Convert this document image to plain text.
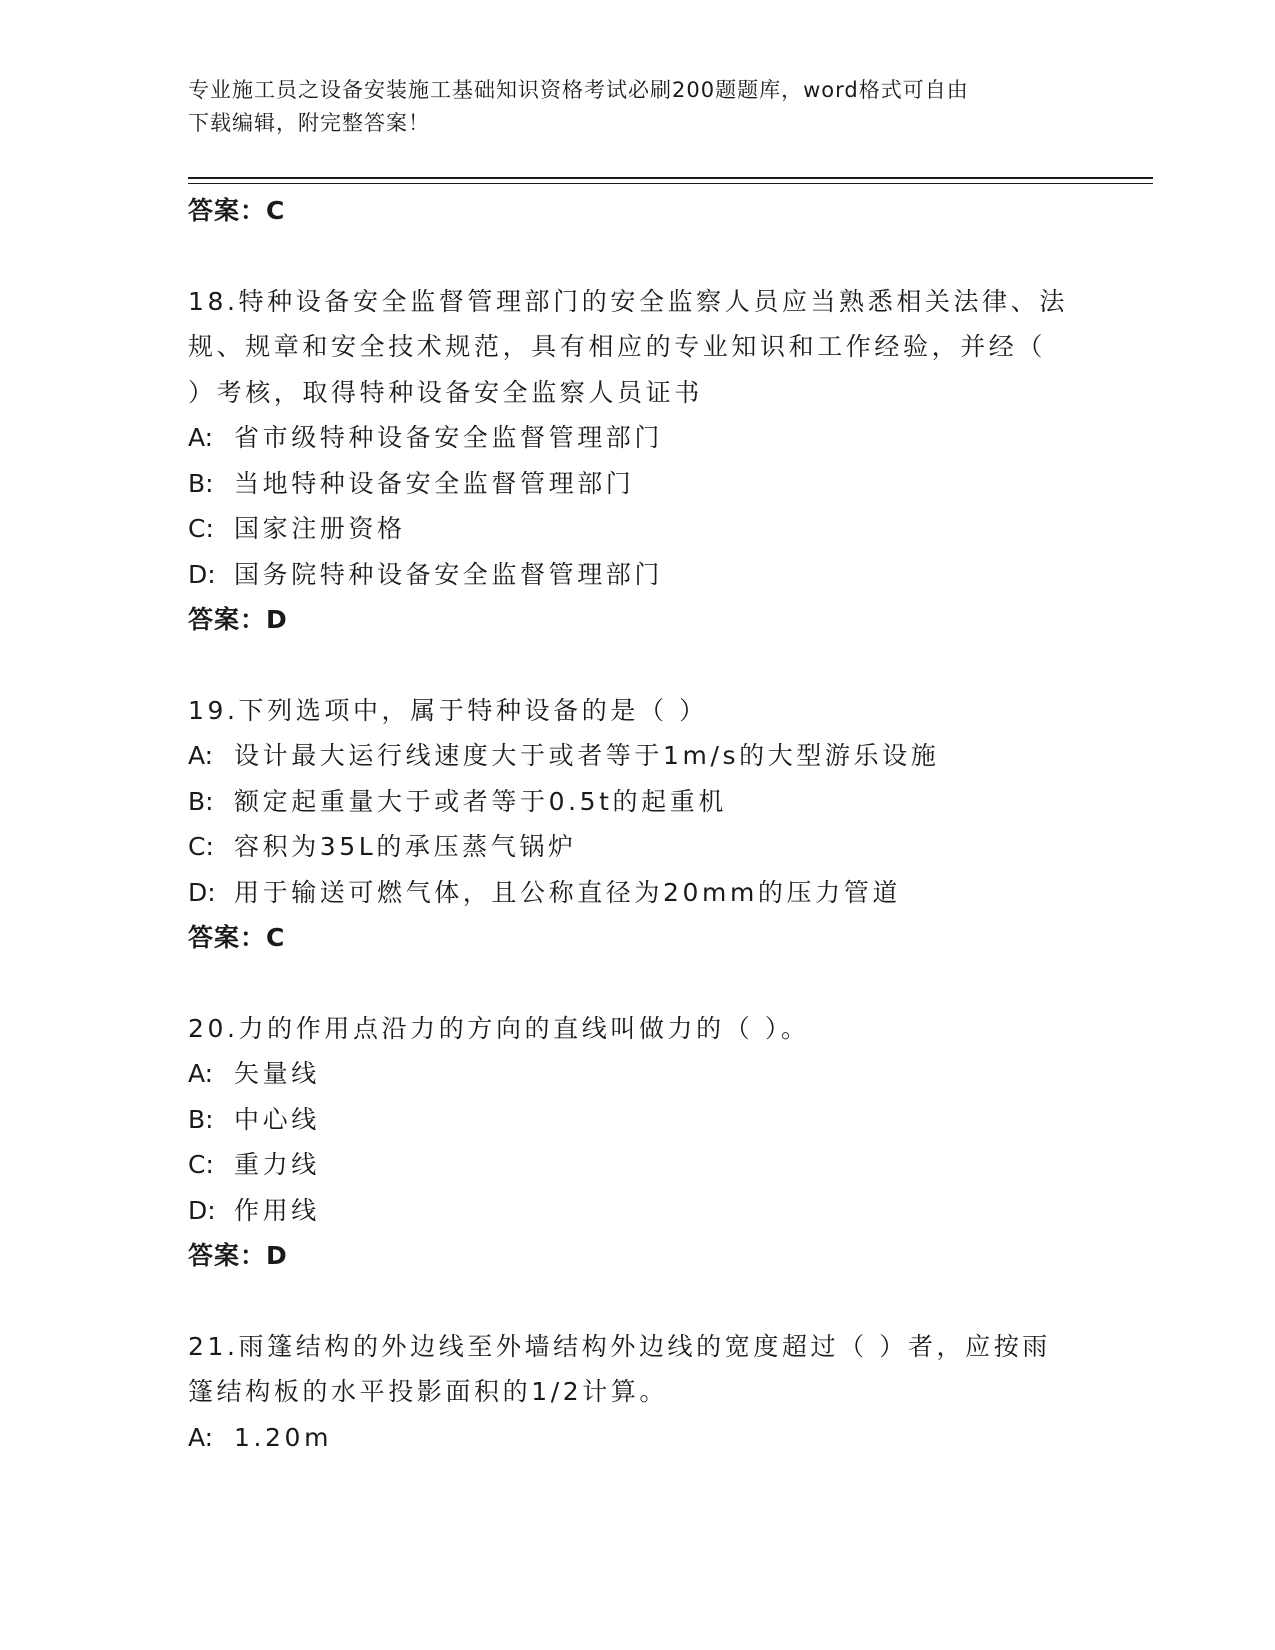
专业施工员之设备安装施工基础知识资格考试必刷200题题库，word格式可自由
下载编辑，附完整答案！
答案：C
18.特种设备安全监督管理部门的安全监察人员应当熟悉相关法律、法
规、规章和安全技术规范，具有相应的专业知识和工作经验，并经（
）考核，取得特种设备安全监察人员证书
A: 省市级特种设备安全监督管理部门
B: 当地特种设备安全监督管理部门
C: 国家注册资格
D: 国务院特种设备安全监督管理部门
答案：D
19.下列选项中，属于特种设备的是（ ）
A: 设计最大运行线速度大于或者等于1m/s的大型游乐设施
B: 额定起重量大于或者等于0.5t的起重机
C: 容积为35L的承压蒸气锅炉
D: 用于输送可燃气体，且公称直径为20mm的压力管道
答案：C
20.力的作用点沿力的方向的直线叫做力的（ ）。
A: 矢量线
B: 中心线
C: 重力线
D: 作用线
答案：D
21.雨篷结构的外边线至外墙结构外边线的宽度超过（ ）者，应按雨
篷结构板的水平投影面积的1/2计算。
A: 1.20m
